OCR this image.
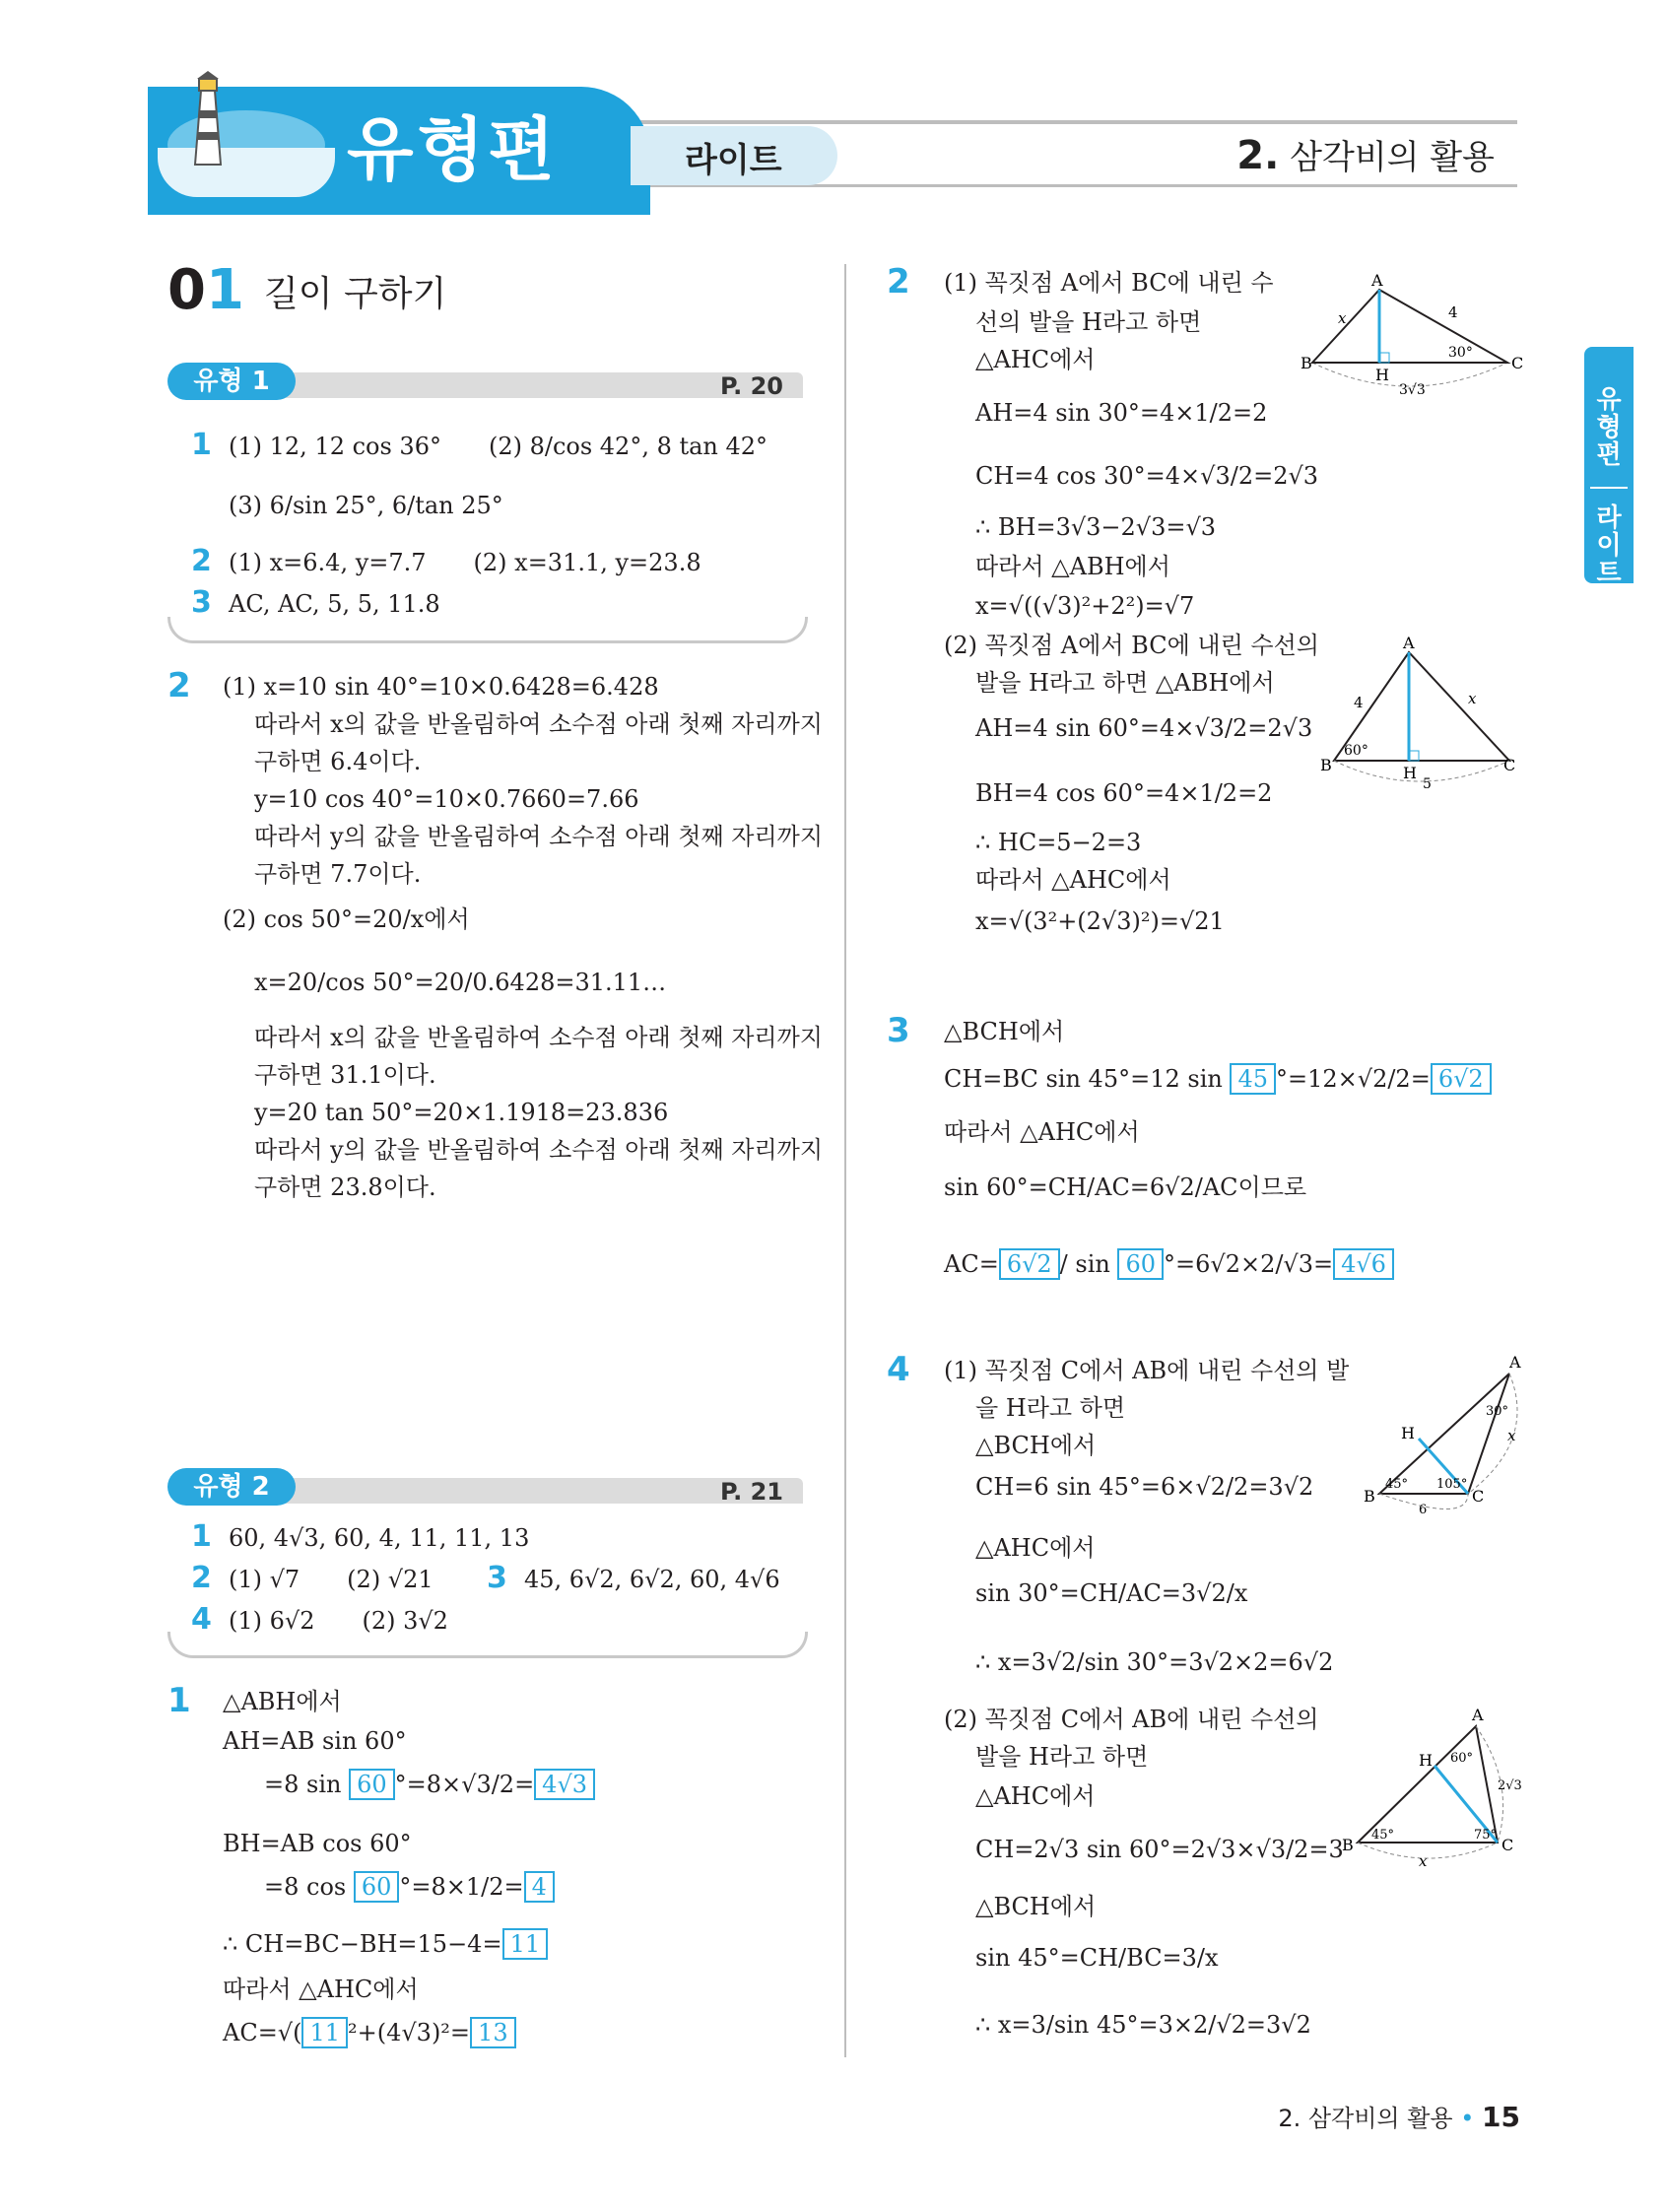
유형편	라이트	2. 삼각비의 활용
유형편
라이트
01 길이 구하기
유형 1	P. 20
1 (1) 12, 12 cos 36°　　(2) 8/cos 42°, 8 tan 42°
(3) 6/sin 25°, 6/tan 25°
2 (1) x=6.4, y=7.7　　(2) x=31.1, y=23.8
3 AC, AC, 5, 5, 11.8
2 (1) x=10 sin 40°=10×0.6428=6.428
따라서 x의 값을 반올림하여 소수점 아래 첫째 자리까지
구하면 6.4이다.
y=10 cos 40°=10×0.7660=7.66
따라서 y의 값을 반올림하여 소수점 아래 첫째 자리까지
구하면 7.7이다.
(2) cos 50°=20/x에서
x=20/cos 50°=20/0.6428=31.11…
따라서 x의 값을 반올림하여 소수점 아래 첫째 자리까지
구하면 31.1이다.
y=20 tan 50°=20×1.1918=23.836
따라서 y의 값을 반올림하여 소수점 아래 첫째 자리까지
구하면 23.8이다.
유형 2	P. 21
1 60, 4√3, 60, 4, 11, 11, 13
2 (1) √7　　(2) √21 3 45, 6√2, 6√2, 60, 4√6
4 (1) 6√2　　(2) 3√2
1 △ABH에서
AH=AB sin 60°
=8 sin 60 °=8×√3/2= 4√3
BH=AB cos 60°
=8 cos 60 °=8×1/2= 4
∴ CH=BC−BH=15−4= 11
따라서 △AHC에서
AC=√( 11 ²+(4√3)²= 13
2 (1) 꼭짓점 A에서 BC에 내린 수
선의 발을 H라고 하면
△AHC에서
AH=4 sin 30°=4×1/2=2
CH=4 cos 30°=4×√3/2=2√3
∴ BH=3√3−2√3=√3
따라서 △ABH에서
x=√((√3)²+2²)=√7
(2) 꼭짓점 A에서 BC에 내린 수선의
발을 H라고 하면 △ABH에서
AH=4 sin 60°=4×√3/2=2√3
BH=4 cos 60°=4×1/2=2
∴ HC=5−2=3
따라서 △AHC에서
x=√(3²+(2√3)²)=√21
3 △BCH에서
CH=BC sin 45°=12 sin 45 °=12×√2/2= 6√2
따라서 △AHC에서
sin 60°=CH/AC=6√2/AC이므로
AC= 6√2 / sin 60 °=6√2×2/√3= 4√6
4 (1) 꼭짓점 C에서 AB에 내린 수선의 발
을 H라고 하면
△BCH에서
CH=6 sin 45°=6×√2/2=3√2
△AHC에서
sin 30°=CH/AC=3√2/x
∴ x=3√2/sin 30°=3√2×2=6√2
(2) 꼭짓점 C에서 AB에 내린 수선의
발을 H라고 하면
△AHC에서
CH=2√3 sin 60°=2√3×√3/2=3
△BCH에서
sin 45°=CH/BC=3/x
∴ x=3/sin 45°=3×2/√2=3√2
A
B	C
H
x	4
30°
3√3
A
B	C
H
x
4
60°
5
A
B	C
H	x
30°
45° 105°
6
A
B	C
H
x
60°
45°	75°
2√3
2. 삼각비의 활용 • 15
